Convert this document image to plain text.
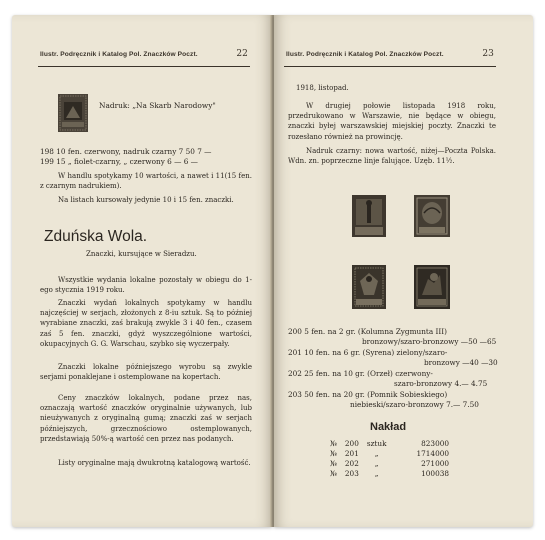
Ilustr. Podręcznik i Katalog Pol. Znaczków Poczt.	22
Nadruk: „Na Skarb Narodowy"
198 10 fen. czerwony, nadruk czarny 7 50 7 —
199 15 „ fiolet-czarny, „ czerwony 6 — 6 —
W handlu spotykamy 10 wartości, a nawet i 11(15 fen. z czarnym nadrukiem).
Na listach kursowały jedynie 10 i 15 fen. znaczki.
Zduńska Wola.
Znaczki, kursujące w Sieradzu.
Wszystkie wydania lokalne pozostały w obiegu do 1-ego stycznia 1919 roku.
Znaczki wydań lokalnych spotykamy w handlu najczęściej w serjach, złożonych z 8-iu sztuk. Są to później wyrabiane znaczki, zaś brakują zwykle 3 i 40 fen., czasem zaś 5 fen. znaczki, gdyż wyszczególnione wartości, okupacyjnych G. G. Warschau, szybko się wyczerpały.
Znaczki lokalne późniejszego wyrobu są zwykle serjami ponaklejane i ostemplowane na kopertach.
Ceny znaczków lokalnych, podane przez nas, oznaczają wartość znaczków oryginalnie używanych, lub nieużywanych z oryginalną gumą; znaczki zaś w serjach późniejszych, grzecznościowo ostemplowanych, przedstawiają 50%-ą wartość cen przez nas podanych.
Listy oryginalne mają dwukrotną katalogową wartość.
Ilustr. Podręcznik i Katalog Pol. Znaczków Poczt.	23
1918, listopad.
W drugiej połowie listopada 1918 roku, przedrukowano w Warszawie, nie będące w obiegu, znaczki byłej warszawskiej miejskiej poczty. Znaczki te rozesłano również na prowincję.
Nadruk czarny: nowa wartość, niżej—Poczta Polska. Wdn. zn. poprzeczne linje falujące. Uzęb. 11½.
200 5 fen. na 2 gr. (Kolumna Zygmunta III)
bronzowy/szaro-bronzowy —50 —65
201 10 fen. na 6 gr. (Syrena) zielony/szaro-
bronzowy —40 —30
202 25 fen. na 10 gr. (Orzeł) czerwony-
szaro-bronzowy 4.— 4.75
203 50 fen. na 20 gr. (Pomnik Sobieskiego)
niebieski/szaro-bronzowy 7.— 7.50
Nakład
№	200	sztuk	823000
№	201	„	1714000
№	202	„	271000
№	203	„	100038
